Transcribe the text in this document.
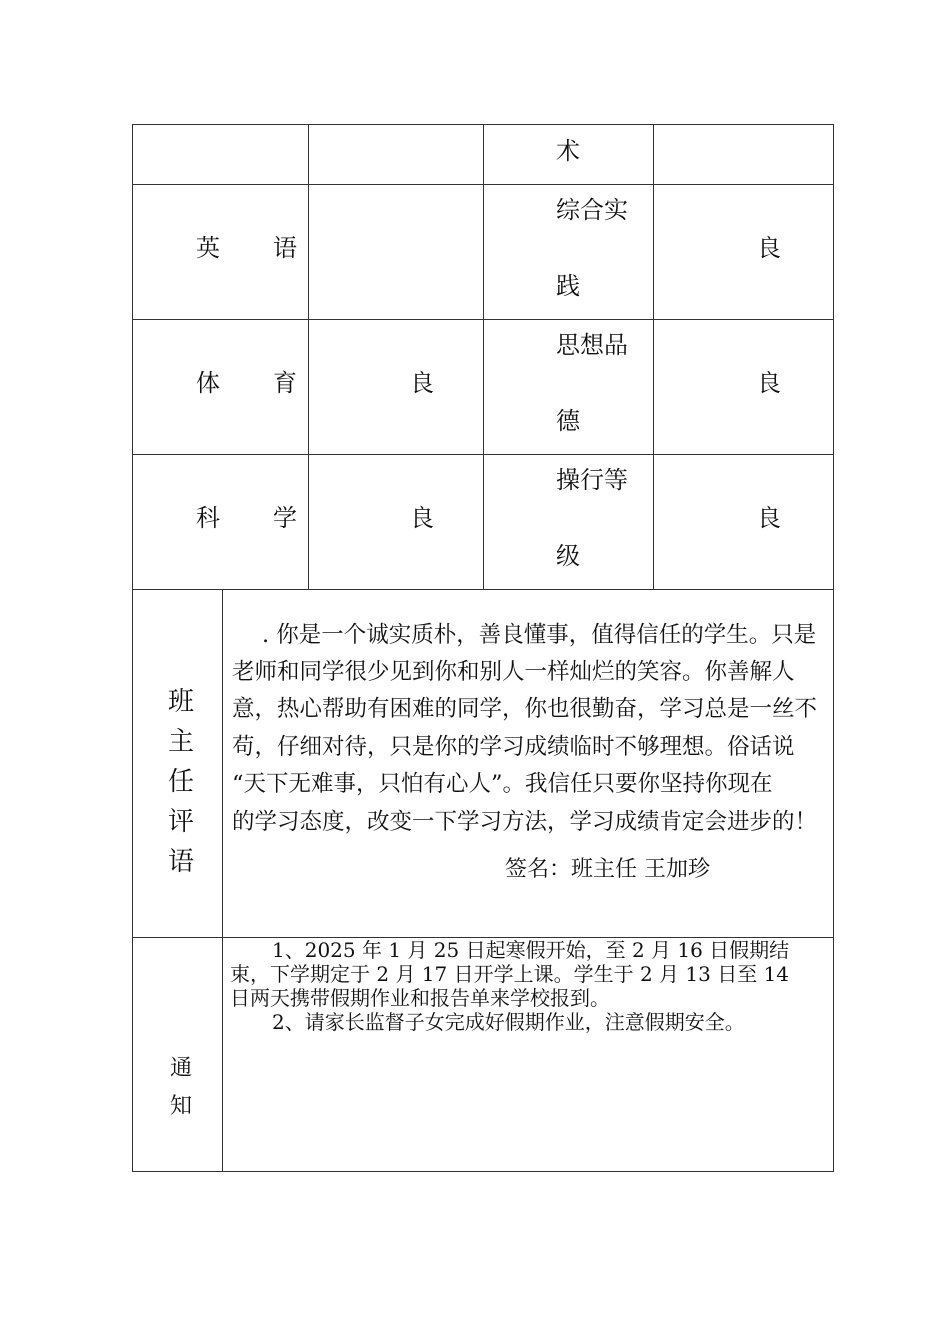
术
英 语
综合实
践
良
体 育	良
思想品
德
良
科 学	良
操行等
级
良
班
主
任
评
语
. 你是一个诚实质朴，善良懂事，值得信任的学生。只是
老师和同学很少见到你和别人一样灿烂的笑容。你善解人
意，热心帮助有困难的同学，你也很勤奋，学习总是一丝不
苟，仔细对待，只是你的学习成绩临时不够理想。俗话说
“天下无难事，只怕有心人”。我信任只要你坚持你现在
的学习态度，改变一下学习方法，学习成绩肯定会进步的！
签名：班主任 王加珍
通
知
1、2025 年 1 月 25 日起寒假开始，至 2 月 16 日假期结
束，下学期定于 2 月 17 日开学上课。学生于 2 月 13 日至 14
日两天携带假期作业和报告单来学校报到。
2、请家长监督子女完成好假期作业，注意假期安全。
